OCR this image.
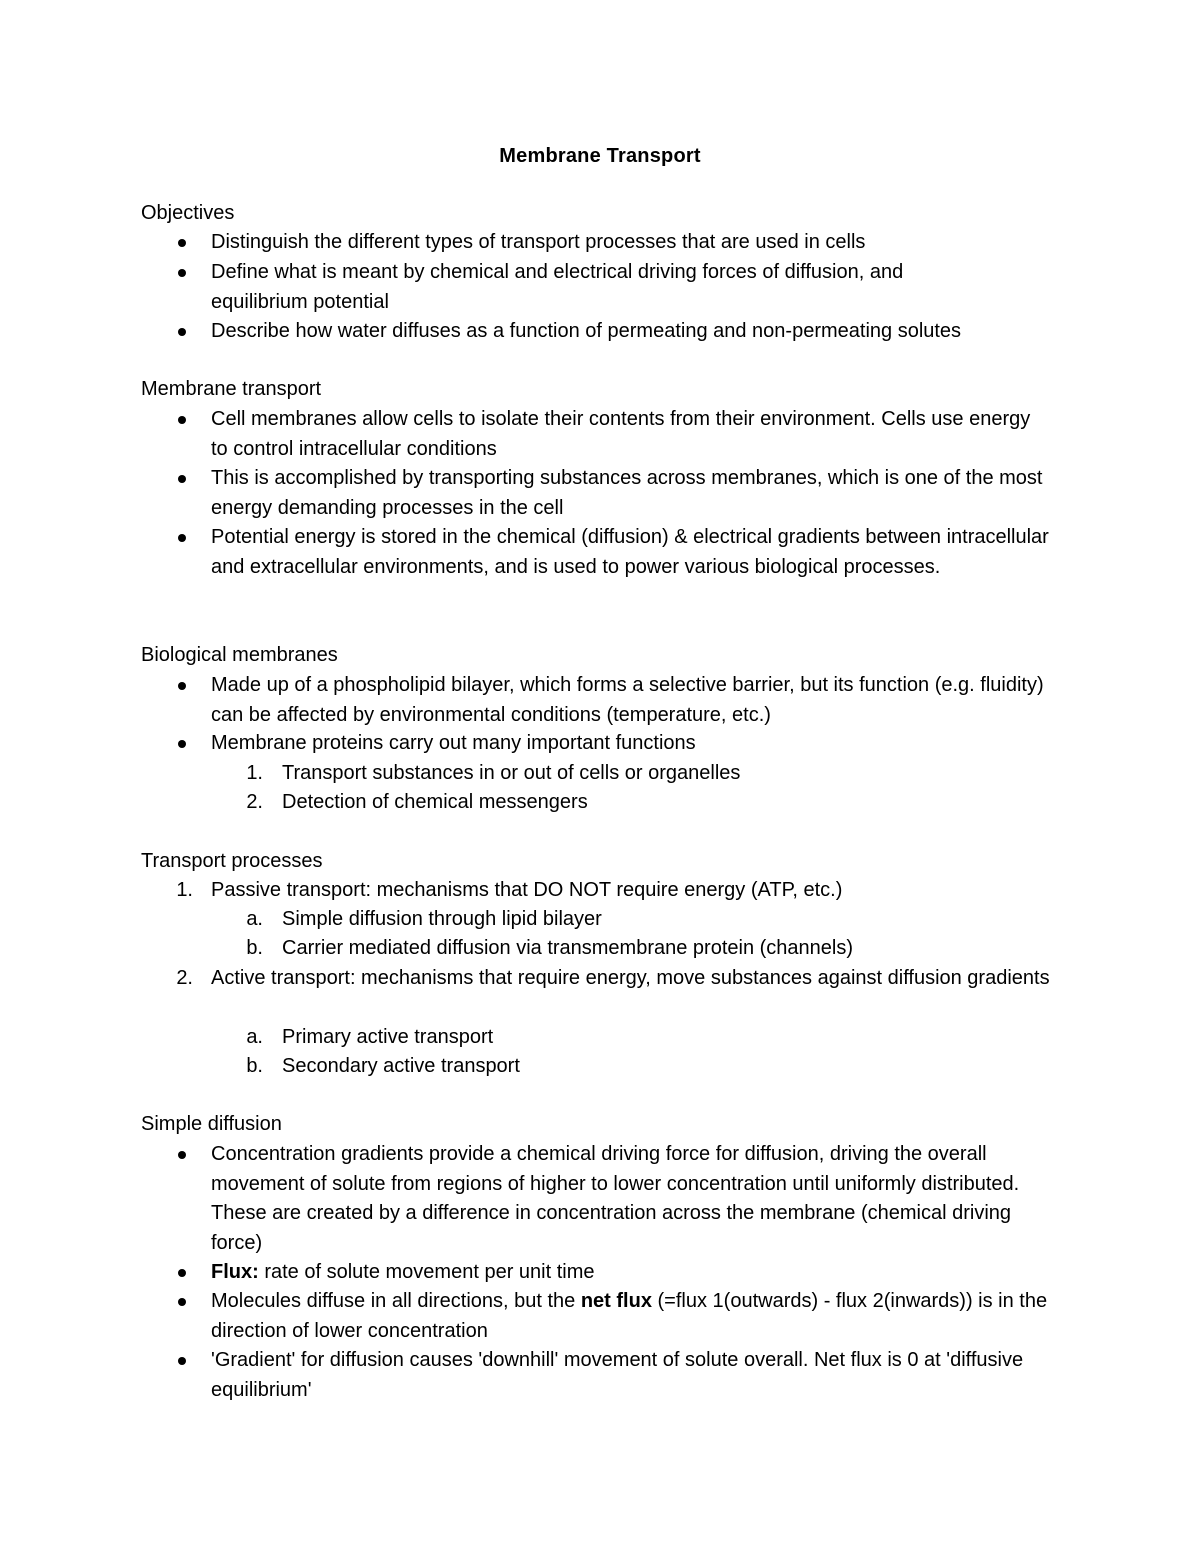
Membrane Transport
Objectives
Distinguish the different types of transport processes that are used in cells
Define what is meant by chemical and electrical driving forces of diffusion, and equilibrium potential
Describe how water diffuses as a function of permeating and non-permeating solutes
Membrane transport
Cell membranes allow cells to isolate their contents from their environment. Cells use energy to control intracellular conditions
This is accomplished by transporting substances across membranes, which is one of the most energy demanding processes in the cell
Potential energy is stored in the chemical (diffusion) & electrical gradients between intracellular and extracellular environments, and is used to power various biological processes.
Biological membranes
Made up of a phospholipid bilayer, which forms a selective barrier, but its function (e.g. fluidity) can be affected by environmental conditions (temperature, etc.)
Membrane proteins carry out many important functions
1. Transport substances in or out of cells or organelles
2. Detection of chemical messengers
Transport processes
1. Passive transport: mechanisms that DO NOT require energy (ATP, etc.)
a. Simple diffusion through lipid bilayer
b. Carrier mediated diffusion via transmembrane protein (channels)
2. Active transport: mechanisms that require energy, move substances against diffusion gradients
a. Primary active transport
b. Secondary active transport
Simple diffusion
Concentration gradients provide a chemical driving force for diffusion, driving the overall movement of solute from regions of higher to lower concentration until uniformly distributed. These are created by a difference in concentration across the membrane (chemical driving force)
Flux: rate of solute movement per unit time
Molecules diffuse in all directions, but the net flux (=flux 1(outwards) - flux 2(inwards)) is in the direction of lower concentration
'Gradient' for diffusion causes 'downhill' movement of solute overall. Net flux is 0 at 'diffusive equilibrium'
